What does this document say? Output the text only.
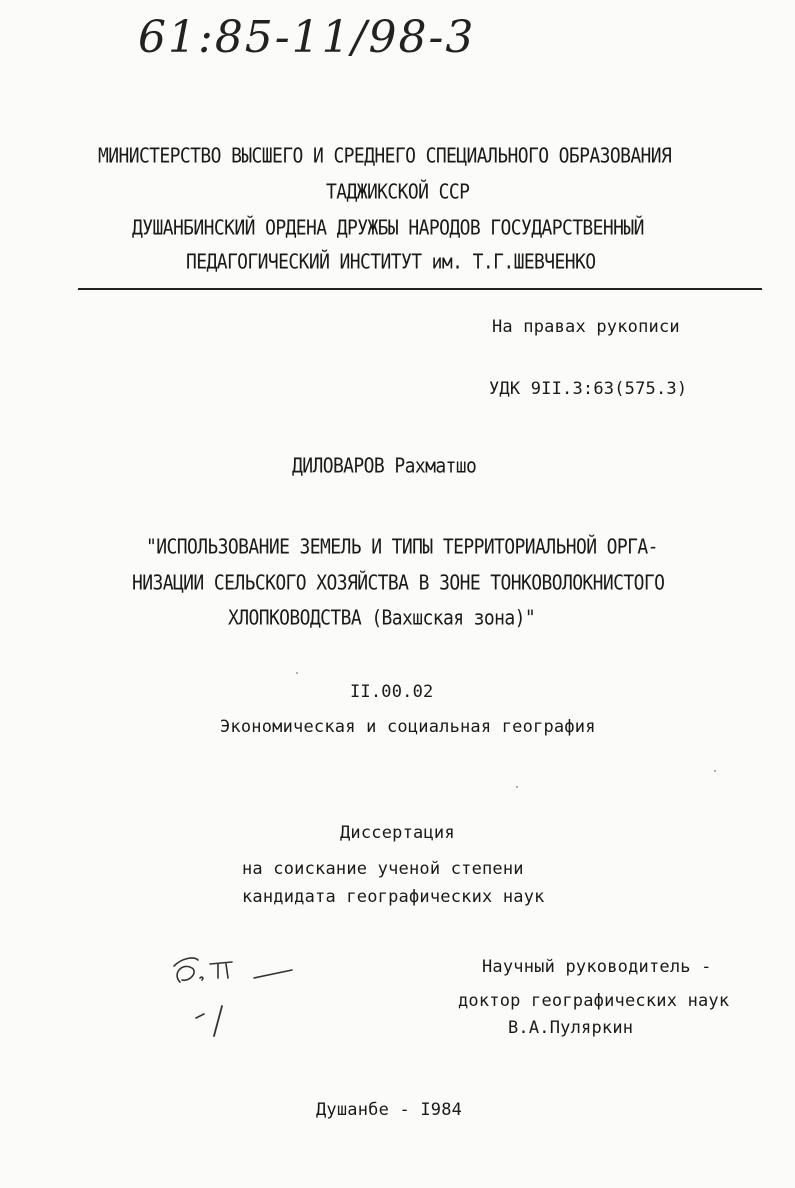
61:85-11/98-3
МИНИСТЕРСТВО ВЫСШЕГО И СРЕДНЕГО СПЕЦИАЛЬНОГО ОБРАЗОВАНИЯ
ТАДЖИКСКОЙ ССР
ДУШАНБИНСКИЙ ОРДЕНА ДРУЖБЫ НАРОДОВ ГОСУДАРСТВЕННЫЙ
ПЕДАГОГИЧЕСКИЙ ИНСТИТУТ им. Т.Г.ШЕВЧЕНКО
На правах рукописи
УДК 9II.3:63(575.3)
ДИЛОВАРОВ Рахматшо
"ИСПОЛЬЗОВАНИЕ ЗЕМЕЛЬ И ТИПЫ ТЕРРИТОРИАЛЬНОЙ ОРГА-
НИЗАЦИИ СЕЛЬСКОГО ХОЗЯЙСТВА В ЗОНЕ ТОНКОВОЛОКНИСТОГО
ХЛОПКОВОДСТВА (Вахшская зона)"
II.00.02
Экономическая и социальная география
Диссертация
на соискание ученой степени
кандидата географических наук
Научный руководитель -
доктор географических наук
В.А.Пуляркин
Душанбе - I984
